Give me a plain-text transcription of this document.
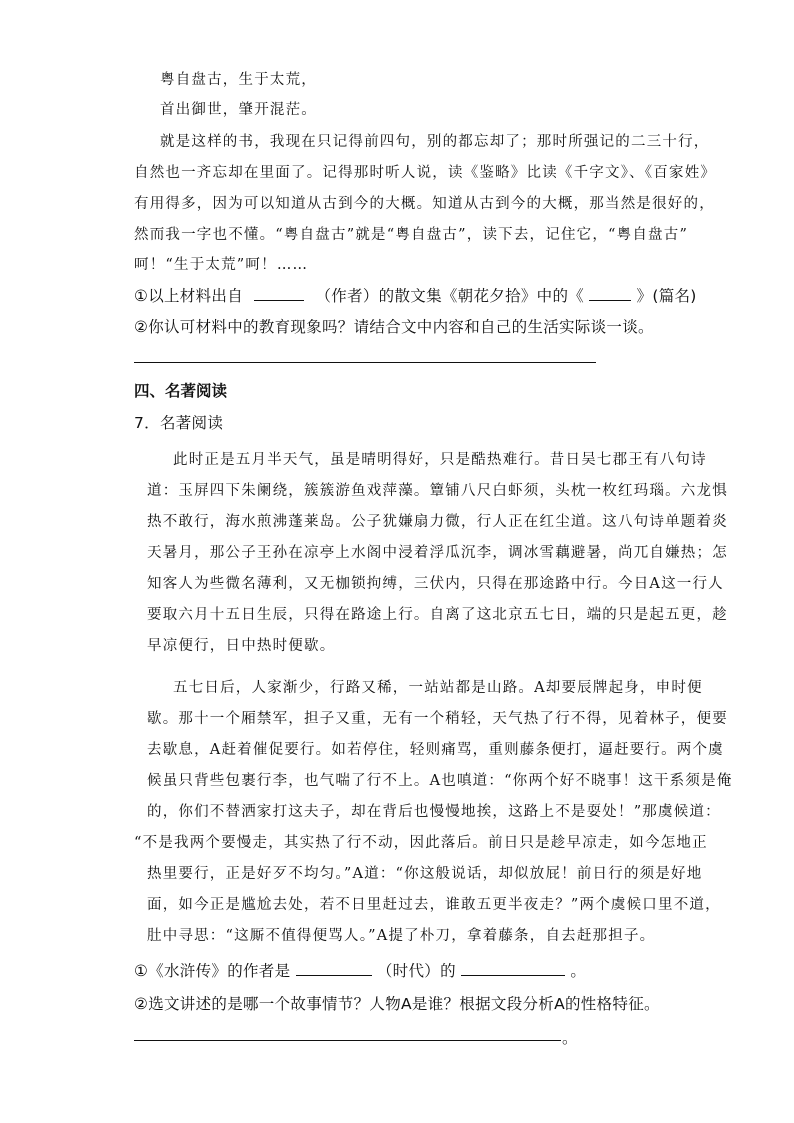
粤自盘古，生于太荒，
首出御世，肇开混茫。
就是这样的书，我现在只记得前四句，别的都忘却了；那时所强记的二三十行，
自然也一齐忘却在里面了。记得那时听人说，读《鉴略》比读《千字文》、《百家姓》
有用得多，因为可以知道从古到今的大概。知道从古到今的大概，那当然是很好的，
然而我一字也不懂。“粤自盘古”就是“粤自盘古”，读下去，记住它，“粤自盘古”
呵！“生于太荒”呵！……
①以上材料出自	（作者）的散文集《朝花夕拾》中的《	》(篇名)
②你认可材料中的教育现象吗？请结合文中内容和自己的生活实际谈一谈。
四、名著阅读
7．名著阅读
此时正是五月半天气，虽是晴明得好，只是酷热难行。昔日吴七郡王有八句诗
道：玉屏四下朱阑绕，簇簇游鱼戏萍藻。簟铺八尺白虾须，头枕一枚红玛瑙。六龙惧
热不敢行，海水煎沸蓬莱岛。公子犹嫌扇力微，行人正在红尘道。这八句诗单题着炎
天暑月，那公子王孙在凉亭上水阁中浸着浮瓜沉李，调冰雪藕避暑，尚兀自嫌热；怎
知客人为些微名薄利，又无枷锁拘缚，三伏内，只得在那途路中行。今日A这一行人
要取六月十五日生辰，只得在路途上行。自离了这北京五七日，端的只是起五更，趁
早凉便行，日中热时便歇。
五七日后，人家渐少，行路又稀，一站站都是山路。A却要辰牌起身，申时便
歇。那十一个厢禁军，担子又重，无有一个稍轻，天气热了行不得，见着林子，便要
去歇息，A赶着催促要行。如若停住，轻则痛骂，重则藤条便打，逼赶要行。两个虞
候虽只背些包裹行李，也气喘了行不上。A也嗔道：“你两个好不晓事！这干系须是俺
的，你们不替洒家打这夫子，却在背后也慢慢地挨，这路上不是耍处！”那虞候道：
“不是我两个要慢走，其实热了行不动，因此落后。前日只是趁早凉走，如今怎地正
热里要行，正是好歹不均匀。”A道：“你这般说话，却似放屁！前日行的须是好地
面，如今正是尴尬去处，若不日里赶过去，谁敢五更半夜走？”两个虞候口里不道，
肚中寻思：“这厮不值得便骂人。”A提了朴刀，拿着藤条，自去赶那担子。
①《水浒传》的作者是	（时代）的	。
②选文讲述的是哪一个故事情节？人物A是谁？根据文段分析A的性格特征。
。
